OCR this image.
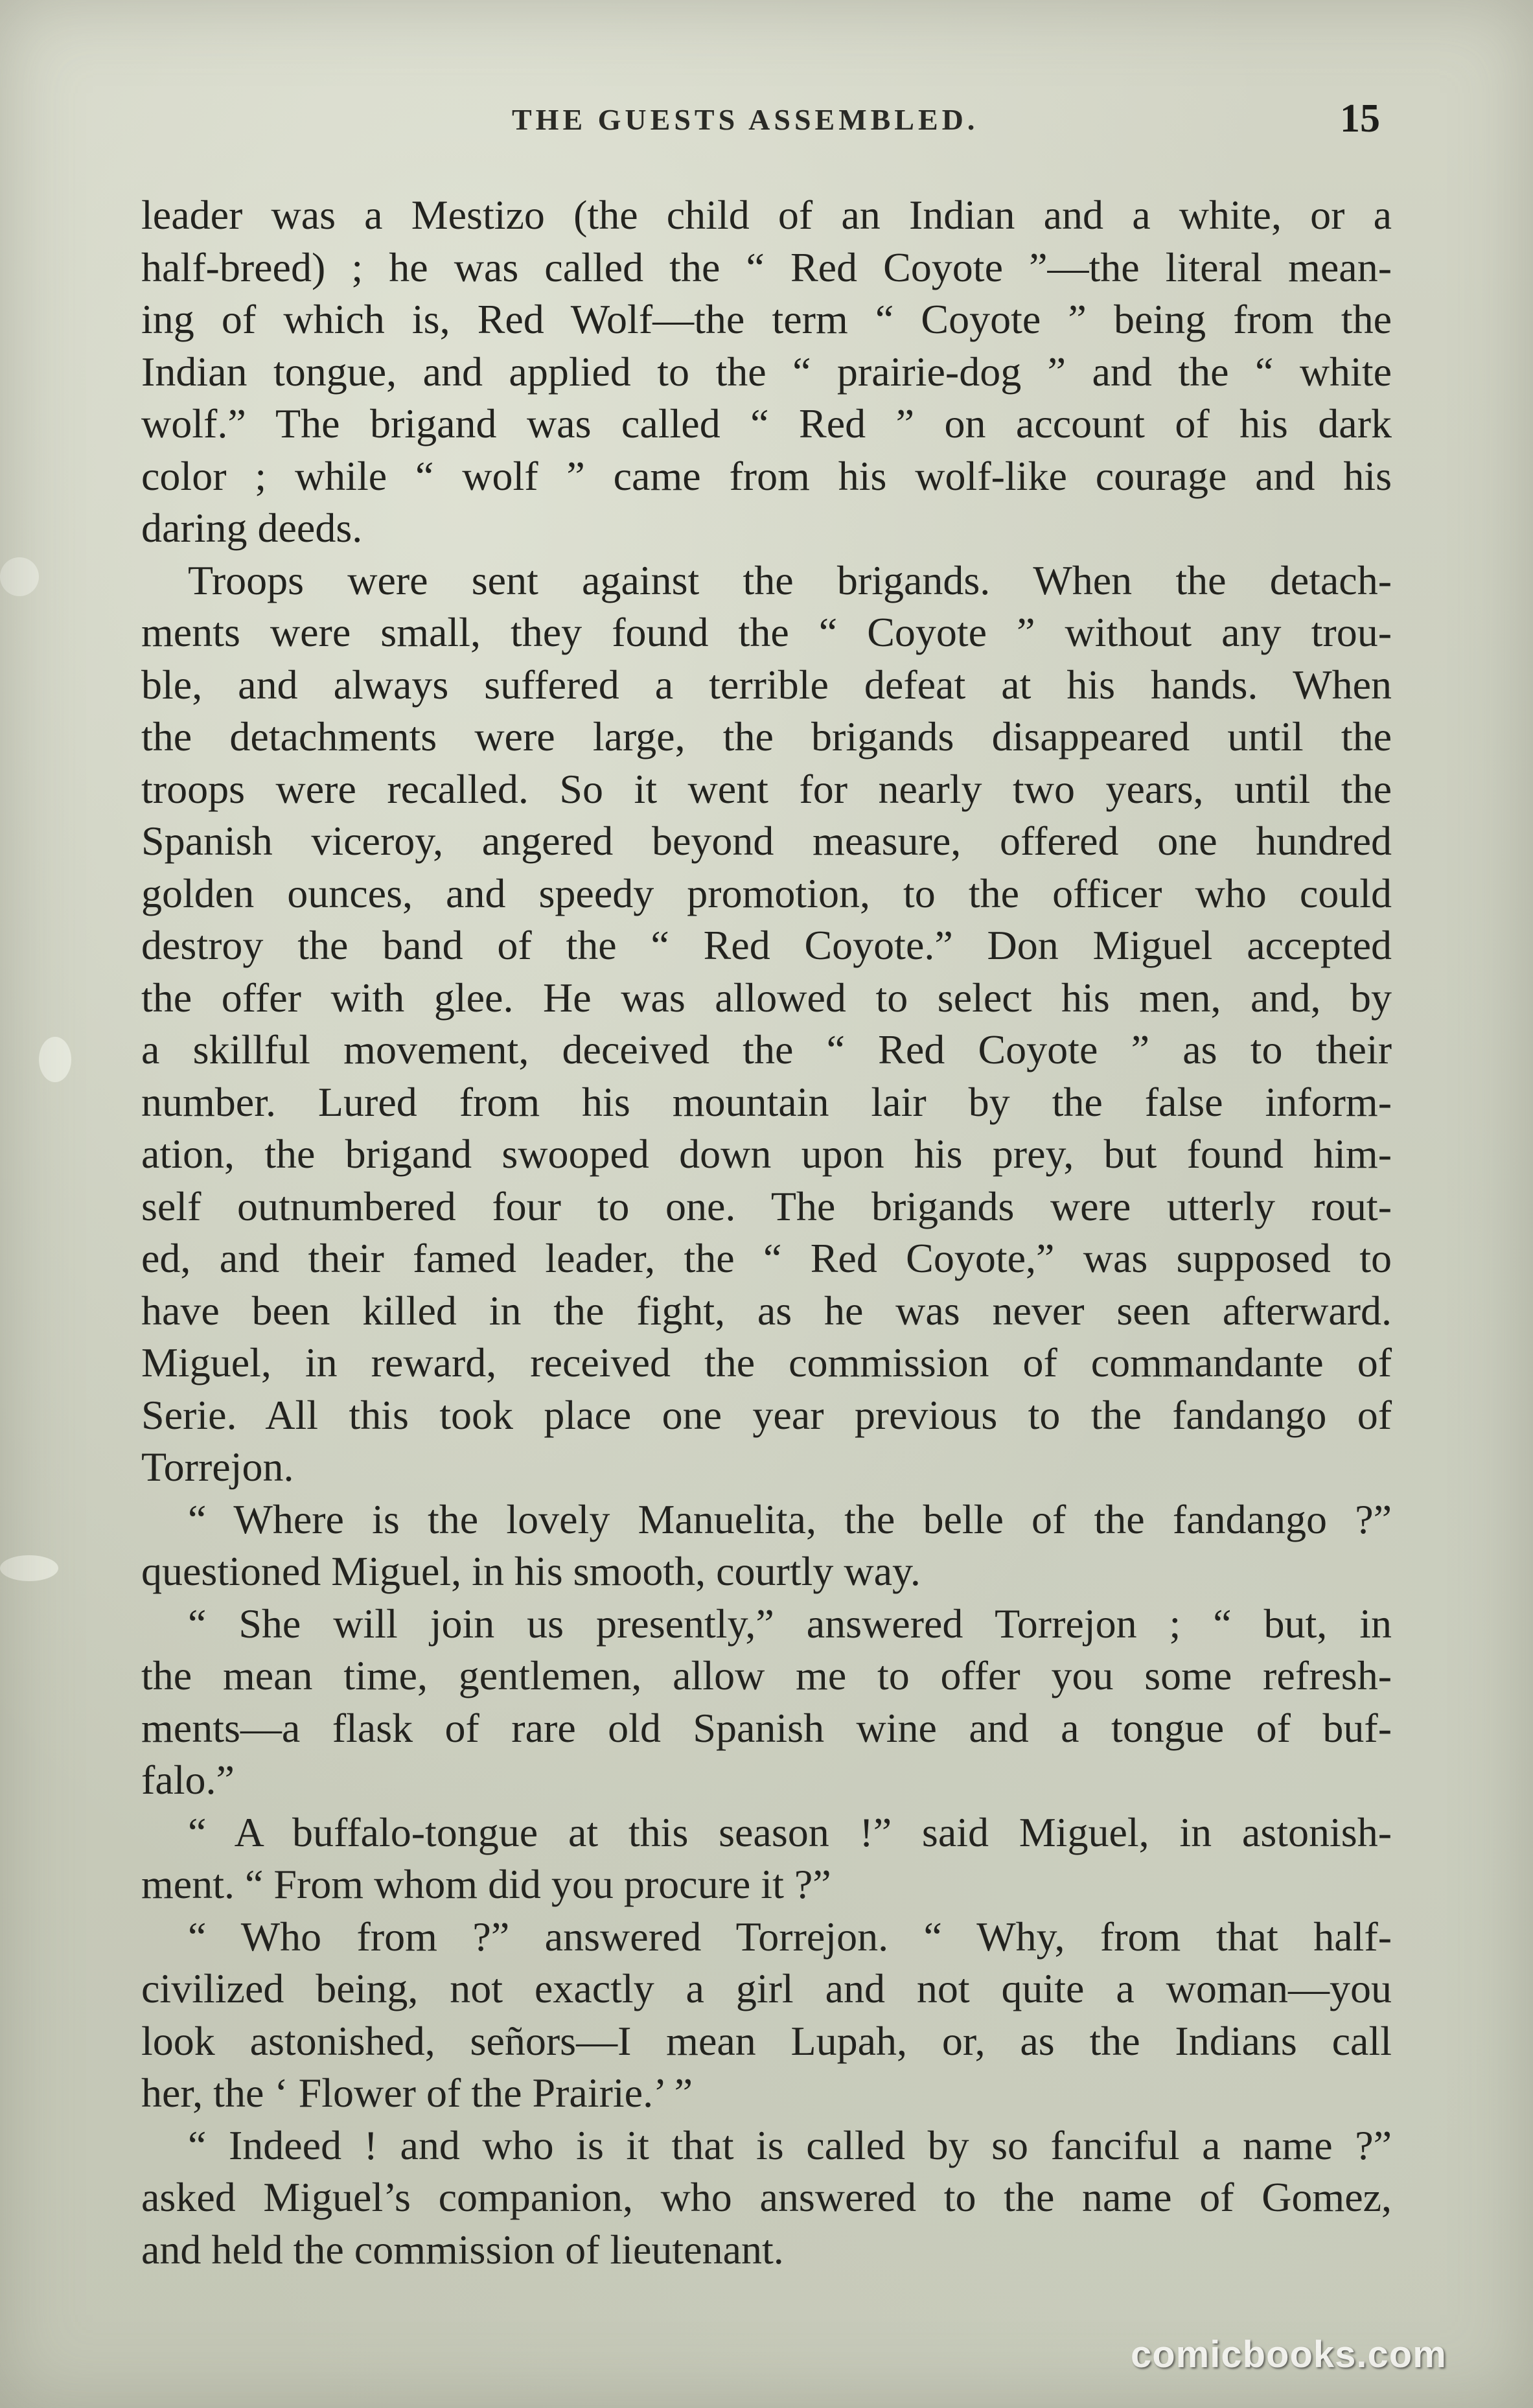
THE GUESTS ASSEMBLED.	15
leader was a Mestizo (the child of an Indian and a white, or a
half-breed) ; he was called the “ Red Coyote ”—the literal mean-
ing of which is, Red Wolf—the term “ Coyote ” being from the
Indian tongue, and applied to the “ prairie-dog ” and the “ white
wolf.” The brigand was called “ Red ” on account of his dark
color ; while “ wolf ” came from his wolf-like courage and his
daring deeds.
Troops were sent against the brigands. When the detach-
ments were small, they found the “ Coyote ” without any trou-
ble, and always suffered a terrible defeat at his hands. When
the detachments were large, the brigands disappeared until the
troops were recalled. So it went for nearly two years, until the
Spanish viceroy, angered beyond measure, offered one hundred
golden ounces, and speedy promotion, to the officer who could
destroy the band of the “ Red Coyote.” Don Miguel accepted
the offer with glee. He was allowed to select his men, and, by
a skillful movement, deceived the “ Red Coyote ” as to their
number. Lured from his mountain lair by the false inform-
ation, the brigand swooped down upon his prey, but found him-
self outnumbered four to one. The brigands were utterly rout-
ed, and their famed leader, the “ Red Coyote,” was supposed to
have been killed in the fight, as he was never seen afterward.
Miguel, in reward, received the commission of commandante of
Serie. All this took place one year previous to the fandango of
Torrejon.
“ Where is the lovely Manuelita, the belle of the fandango ?”
questioned Miguel, in his smooth, courtly way.
“ She will join us presently,” answered Torrejon ; “ but, in
the mean time, gentlemen, allow me to offer you some refresh-
ments—a flask of rare old Spanish wine and a tongue of buf-
falo.”
“ A buffalo-tongue at this season !” said Miguel, in astonish-
ment. “ From whom did you procure it ?”
“ Who from ?” answered Torrejon. “ Why, from that half-
civilized being, not exactly a girl and not quite a woman—you
look astonished, señors—I mean Lupah, or, as the Indians call
her, the ‘ Flower of the Prairie.’ ”
“ Indeed ! and who is it that is called by so fanciful a name ?”
asked Miguel’s companion, who answered to the name of Gomez,
and held the commission of lieutenant.
comicbooks.com
